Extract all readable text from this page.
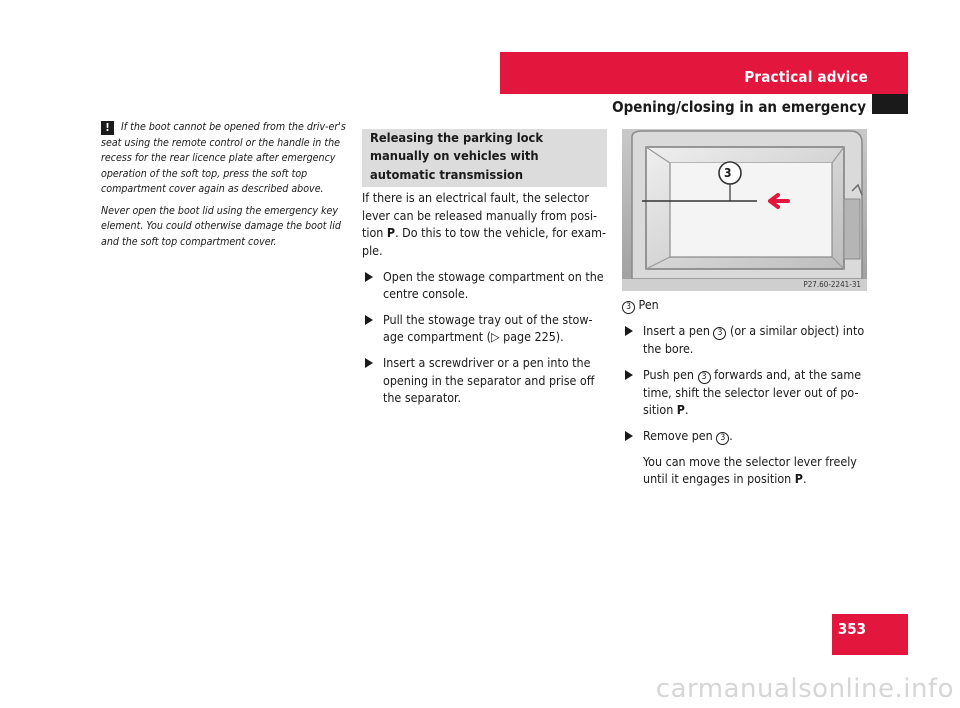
Practical advice

Opening/closing in an emergency

! If the boot cannot be opened from the driv-er's seat using the remote control or the handle in the recess for the rear licence plate after emergency operation of the soft top, press the soft top compartment cover again as described above.

Never open the boot lid using the emergency key element. You could otherwise damage the boot lid and the soft top compartment cover.

Releasing the parking lock manually on vehicles with automatic transmission

If there is an electrical fault, the selector lever can be released manually from posi-tion P. Do this to tow the vehicle, for exam-ple.

Open the stowage compartment on the centre console.
Pull the stowage tray out of the stow-age compartment (▷ page 225).
Insert a screwdriver or a pen into the opening in the separator and prise off the separator.
3
P27.60-2241-31

3 Pen

Insert a pen 3 (or a similar object) into the bore.
Push pen 3 forwards and, at the same time, shift the selector lever out of po-sition P.
Remove pen 3 .

You can move the selector lever freely until it engages in position P.

353

carmanualsonline.info
